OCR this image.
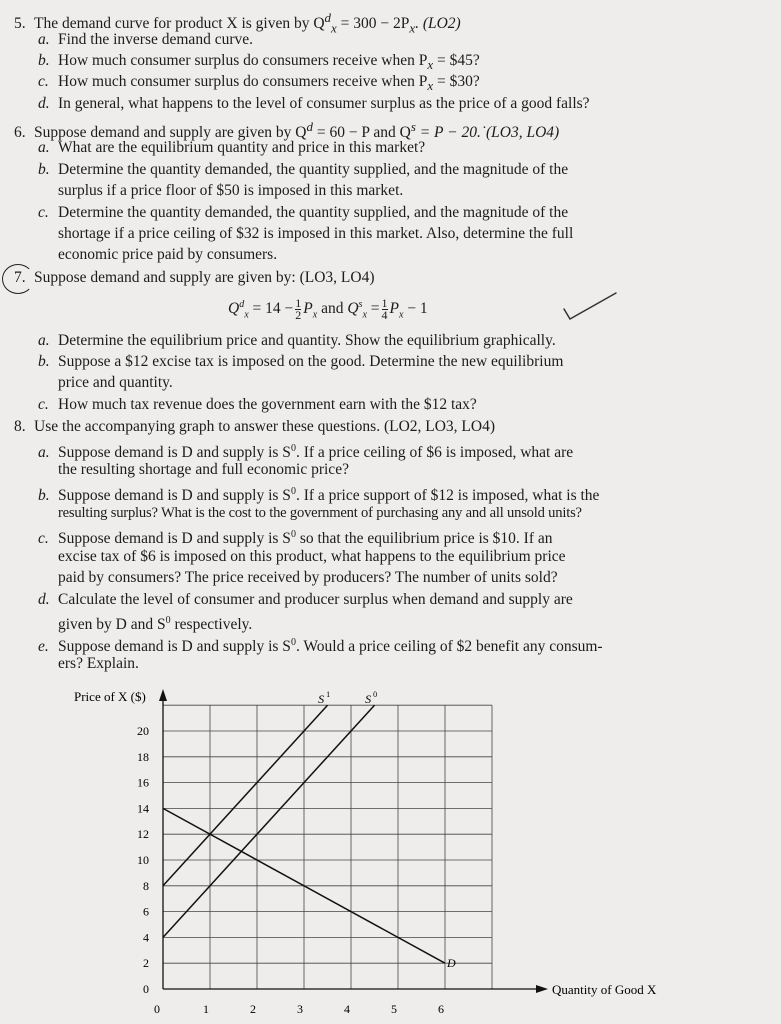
5. The demand curve for product X is given by $Q^d_x = 300 - 2P_x$. (LO2)
a. Find the inverse demand curve.
b. How much consumer surplus do consumers receive when $P_x$ = $45?
c. How much consumer surplus do consumers receive when $P_x$ = $30?
d. In general, what happens to the level of consumer surplus as the price of a good falls?
6. Suppose demand and supply are given by $Q^d = 60 - P$ and $Q^s = P$ − 20.˙(LO3, LO4)
a. What are the equilibrium quantity and price in this market?
b. Determine the quantity demanded, the quantity supplied, and the magnitude of the
surplus if a price floor of $50 is imposed in this market.
c. Determine the quantity demanded, the quantity supplied, and the magnitude of the
shortage if a price ceiling of $32 is imposed in this market. Also, determine the full
economic price paid by consumers.
7. Suppose demand and supply are given by: (LO3, LO4)
$Q^d_x = 14 - \frac{1}{2} P_x$ and $Q^s_x = \frac{1}{4} P_x - 1$
a. Determine the equilibrium price and quantity. Show the equilibrium graphically.
b. Suppose a $12 excise tax is imposed on the good. Determine the new equilibrium
price and quantity.
c. How much tax revenue does the government earn with the $12 tax?
8. Use the accompanying graph to answer these questions. (LO2, LO3, LO4)
a. Suppose demand is D and supply is $S^0$. If a price ceiling of $6 is imposed, what are
the resulting shortage and full economic price?
b. Suppose demand is D and supply is $S^0$. If a price support of $12 is imposed, what is the
resulting surplus? What is the cost to the government of purchasing any and all unsold units?
c. Suppose demand is D and supply is $S^0$ so that the equilibrium price is $10. If an
excise tax of $6 is imposed on this product, what happens to the equilibrium price
paid by consumers? The price received by producers? The number of units sold?
d. Calculate the level of consumer and producer surplus when demand and supply are
given by D and $S^0$ respectively.
e. Suppose demand is D and supply is $S^0$. Would a price ceiling of $2 benefit any consum-
ers? Explain.
Price of X ($)
Quantity of Good X
0
2
4
6
8
10
12
14
16
18
20
0	1	2	3	4	5	6
D
S 1	S 0
